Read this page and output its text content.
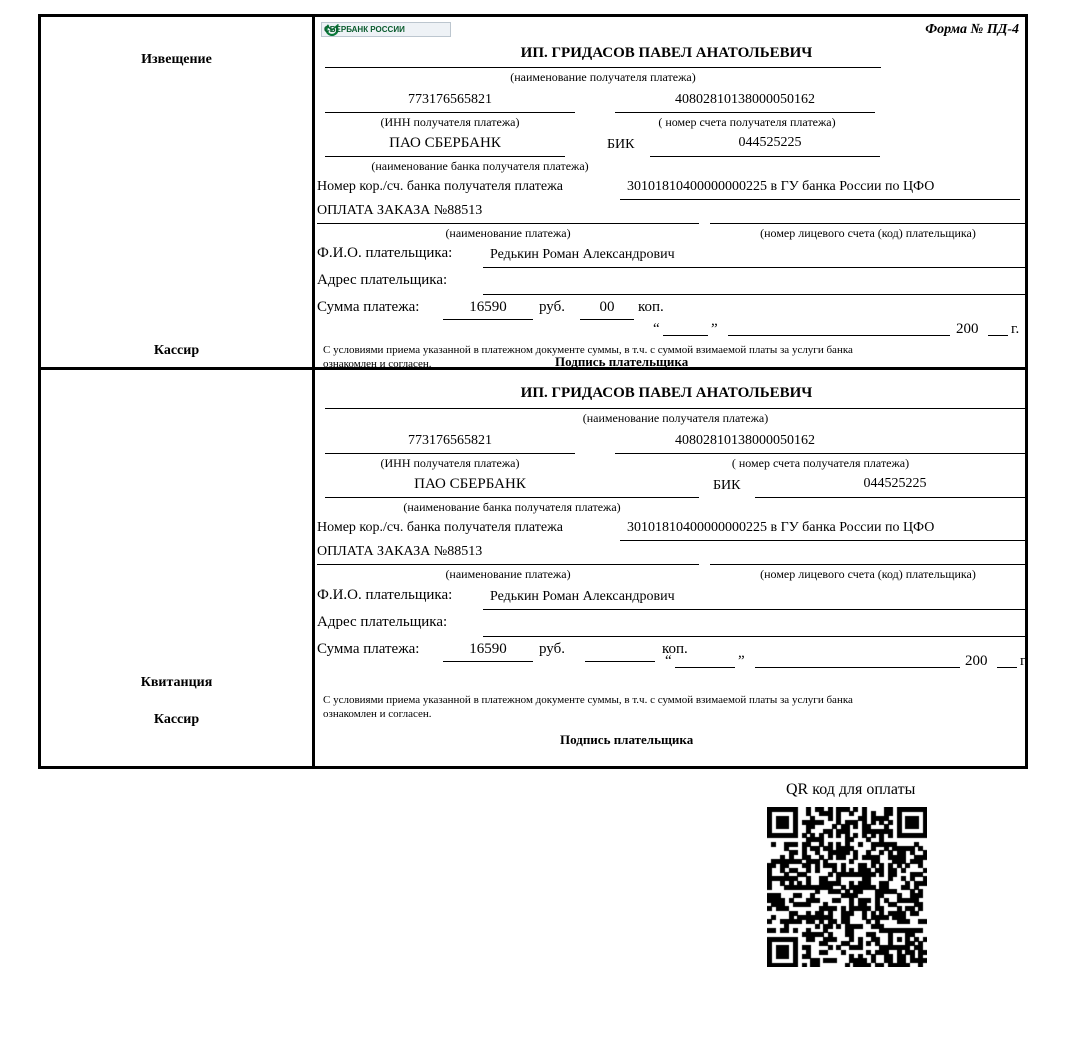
Извещение
Кассир
СБЕРБАНК РОССИИ	Форма № ПД-4
ИП. ГРИДАСОВ ПАВЕЛ АНАТОЛЬЕВИЧ
(наименование получателя платежа)
773176565821
(ИНН получателя платежа)
40802810138000050162
( номер счета получателя платежа)
ПАО СБЕРБАНК
(наименование банка получателя платежа)
БИК	044525225
Номер кор./сч. банка получателя платежа	30101810400000000225 в ГУ банка России по ЦФО
ОПЛАТА ЗАКАЗА №88513
(наименование платежа)	(номер лицевого счета (код) плательщика)
Ф.И.О. плательщика:	Редькин Роман Александрович
Адрес плательщика:
Сумма платежа:	16590	руб.	00	коп.
“	”	200 г.
С условиями приема указанной в платежном документе суммы, в т.ч. с суммой взимаемой платы за услуги банка
ознакомлен и согласен.	Подпись плательщика
Квитанция
Кассир
ИП. ГРИДАСОВ ПАВЕЛ АНАТОЛЬЕВИЧ
(наименование получателя платежа)
773176565821
(ИНН получателя платежа)
40802810138000050162
( номер счета получателя платежа)
ПАО СБЕРБАНК
(наименование банка получателя платежа)
БИК	044525225
Номер кор./сч. банка получателя платежа	30101810400000000225 в ГУ банка России по ЦФО
ОПЛАТА ЗАКАЗА №88513
(наименование платежа)	(номер лицевого счета (код) плательщика)
Ф.И.О. плательщика:	Редькин Роман Александрович
Адрес плательщика:
Сумма платежа:	16590	руб.	коп.
“	”	200 г.
С условиями приема указанной в платежном документе суммы, в т.ч. с суммой взимаемой платы за услуги банка
ознакомлен и согласен.
Подпись плательщика
QR код для оплаты
